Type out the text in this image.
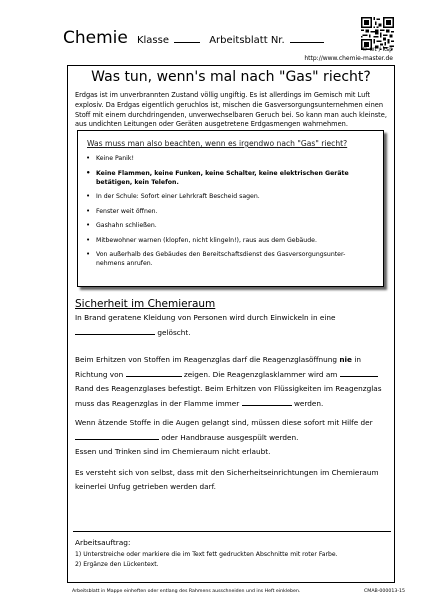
Chemie Klasse	Arbeitsblatt Nr.
© wt / ksp
http://www.chemie-master.de
Was tun, wenn's mal nach "Gas" riecht?
Erdgas ist im unverbrannten Zustand völlig ungiftig. Es ist allerdings im Gemisch mit Luft explosiv. Da Erdgas eigentlich geruchlos ist, mischen die Gasversorgungsunternehmen einen Stoff mit einem durchdringenden, unverwechselbaren Geruch bei. So kann man auch kleinste, aus undichten Leitungen oder Geräten ausgetretene Erdgasmengen wahrnehmen.
Was muss man also beachten, wenn es irgendwo nach "Gas" riecht?
• Keine Panik!
• Keine Flammen, keine Funken, keine Schalter, keine elektrischen Geräte betätigen, kein Telefon.
• In der Schule: Sofort einer Lehrkraft Bescheid sagen.
• Fenster weit öffnen.
• Gashahn schließen.
• Mitbewohner warnen (klopfen, nicht klingeln!), raus aus dem Gebäude.
• Von außerhalb des Gebäudes den Bereitschaftsdienst des Gasversorgungsunter-nehmens anrufen.
Sicherheit im Chemieraum
In Brand geratene Kleidung von Personen wird durch Einwickeln in eine
gelöscht.
Beim Erhitzen von Stoffen im Reagenzglas darf die Reagenzglasöffnung nie in Richtung von	zeigen. Die Reagenzglasklammer wird am  Rand des Reagenzglases befestigt. Beim Erhitzen von Flüssigkeiten im Reagenzglas muss das Reagenzglas in der Flamme immer	werden.
Wenn ätzende Stoffe in die Augen gelangt sind, müssen diese sofort mit Hilfe der
oder Handbrause ausgespült werden.
Essen und Trinken sind im Chemieraum nicht erlaubt.
Es versteht sich von selbst, dass mit den Sicherheitseinrichtungen im Chemieraum keinerlei Unfug getrieben werden darf.
Arbeitsauftrag:
1) Unterstreiche oder markiere die im Text fett gedruckten Abschnitte mit roter Farbe.
2) Ergänze den Lückentext.
Arbeitsblatt in Mappe einheften oder entlang des Rahmens ausschneiden und ins Heft einkleben.	CMAB-000013-15
